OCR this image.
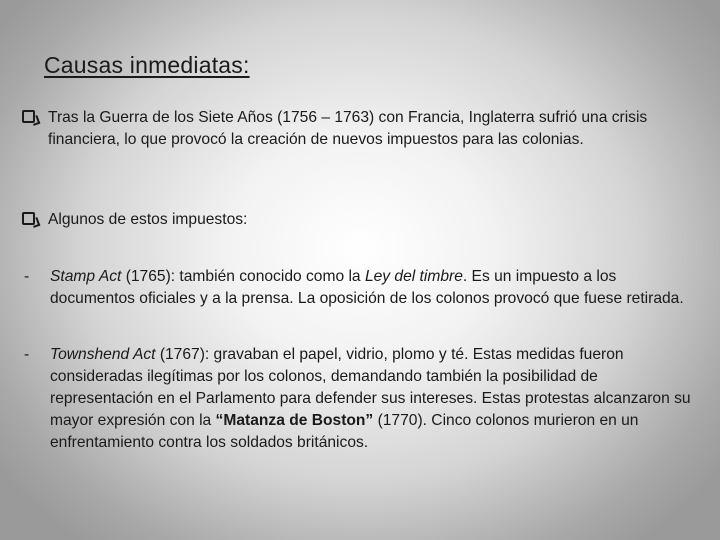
Causas inmediatas:
Tras la Guerra de los Siete Años (1756 – 1763) con Francia, Inglaterra sufrió una crisis financiera, lo que provocó la creación de nuevos impuestos para las colonias.
Algunos de estos impuestos:
-	Stamp Act (1765): también conocido como la Ley del timbre. Es un impuesto a los documentos oficiales y a la prensa. La oposición de los colonos provocó que fuese retirada.
-	Townshend Act (1767): gravaban el papel, vidrio, plomo y té. Estas medidas fueron consideradas ilegítimas por los colonos, demandando también la posibilidad de representación en el Parlamento para defender sus intereses. Estas protestas alcanzaron su mayor expresión con la “Matanza de Boston” (1770). Cinco colonos murieron en un enfrentamiento contra los soldados británicos.
